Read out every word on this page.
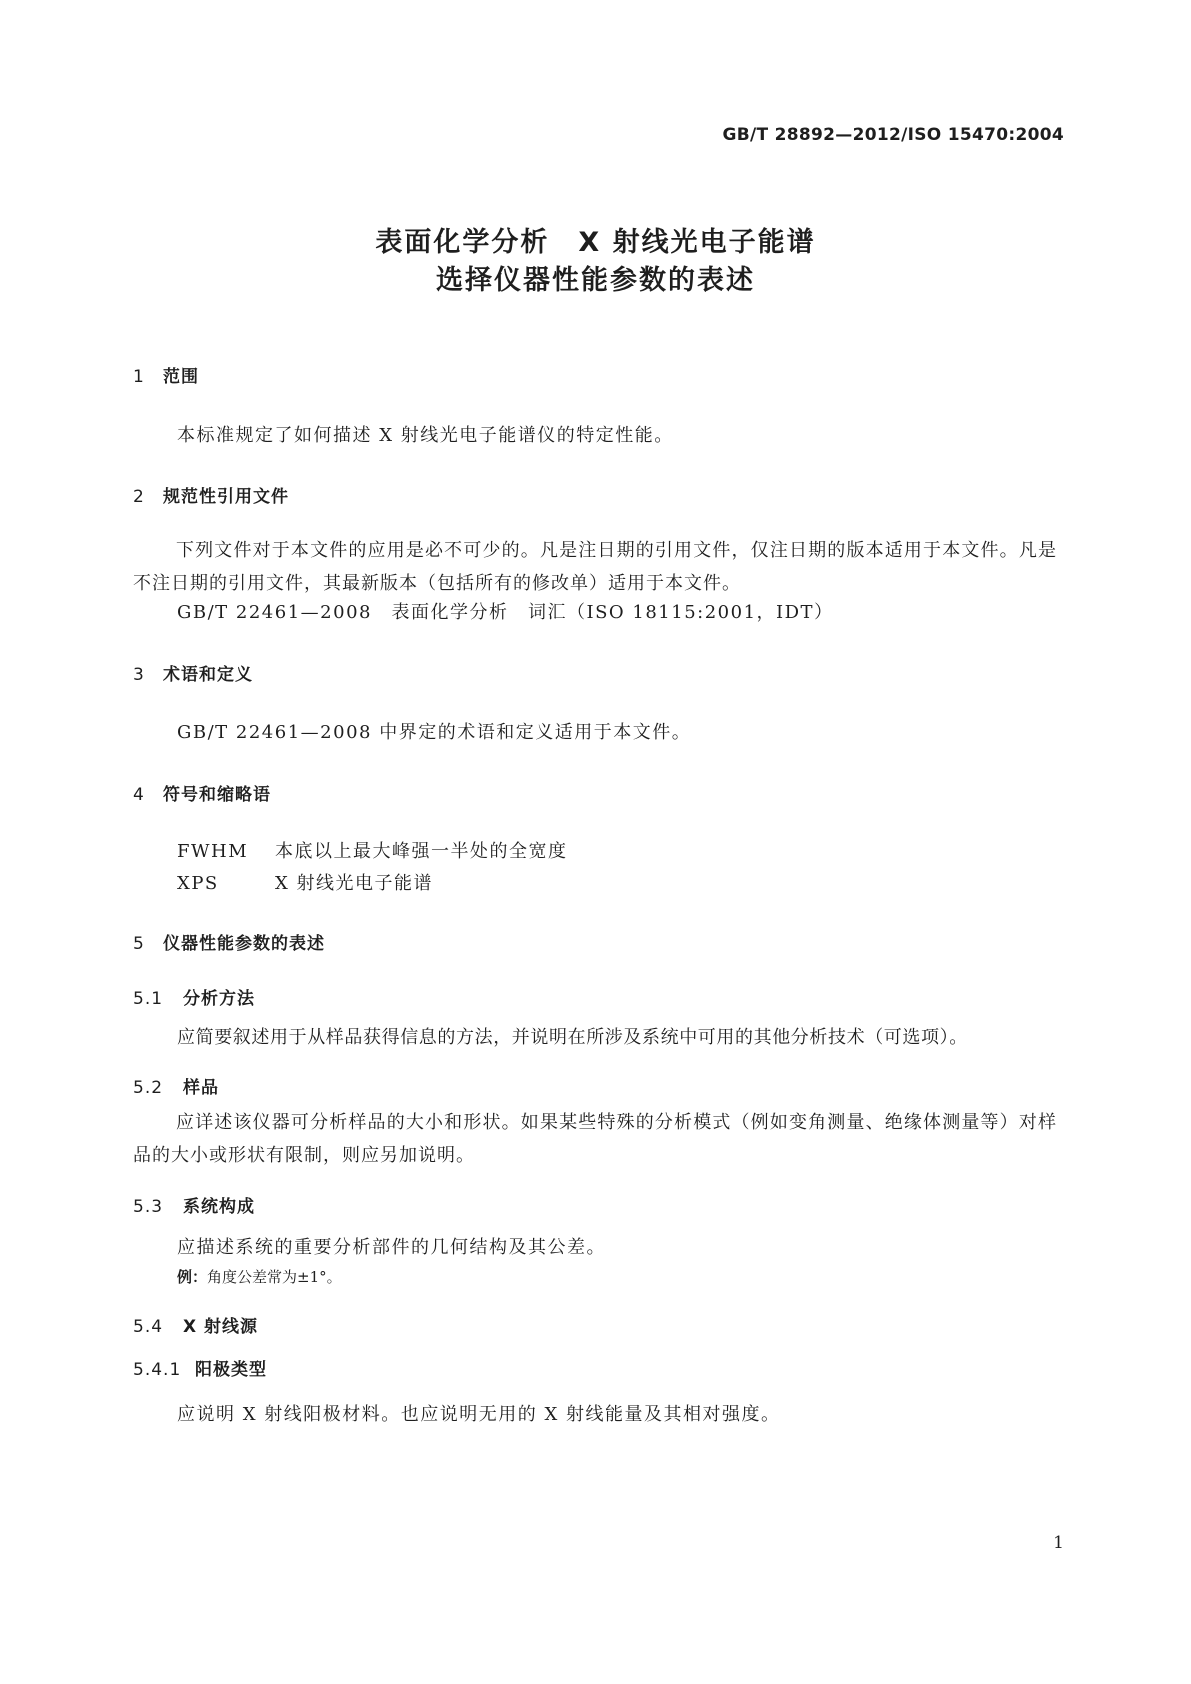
GB/T 28892—2012/ISO 15470:2004
表面化学分析　X 射线光电子能谱
选择仪器性能参数的表述
1 范围
本标准规定了如何描述 X 射线光电子能谱仪的特定性能。
2 规范性引用文件
下列文件对于本文件的应用是必不可少的。凡是注日期的引用文件，仅注日期的版本适用于本文件。凡是不注日期的引用文件，其最新版本（包括所有的修改单）适用于本文件。
GB/T 22461—2008　表面化学分析　词汇（ISO 18115:2001，IDT）
3 术语和定义
GB/T 22461—2008 中界定的术语和定义适用于本文件。
4 符号和缩略语
FWHM 本底以上最大峰强一半处的全宽度
XPS	X 射线光电子能谱
5 仪器性能参数的表述
5.1 分析方法
应简要叙述用于从样品获得信息的方法，并说明在所涉及系统中可用的其他分析技术（可选项）。
5.2 样品
应详述该仪器可分析样品的大小和形状。如果某些特殊的分析模式（例如变角测量、绝缘体测量等）对样品的大小或形状有限制，则应另加说明。
5.3 系统构成
应描述系统的重要分析部件的几何结构及其公差。
例：角度公差常为±1°。
5.4 X 射线源
5.4.1 阳极类型
应说明 X 射线阳极材料。也应说明无用的 X 射线能量及其相对强度。
1
